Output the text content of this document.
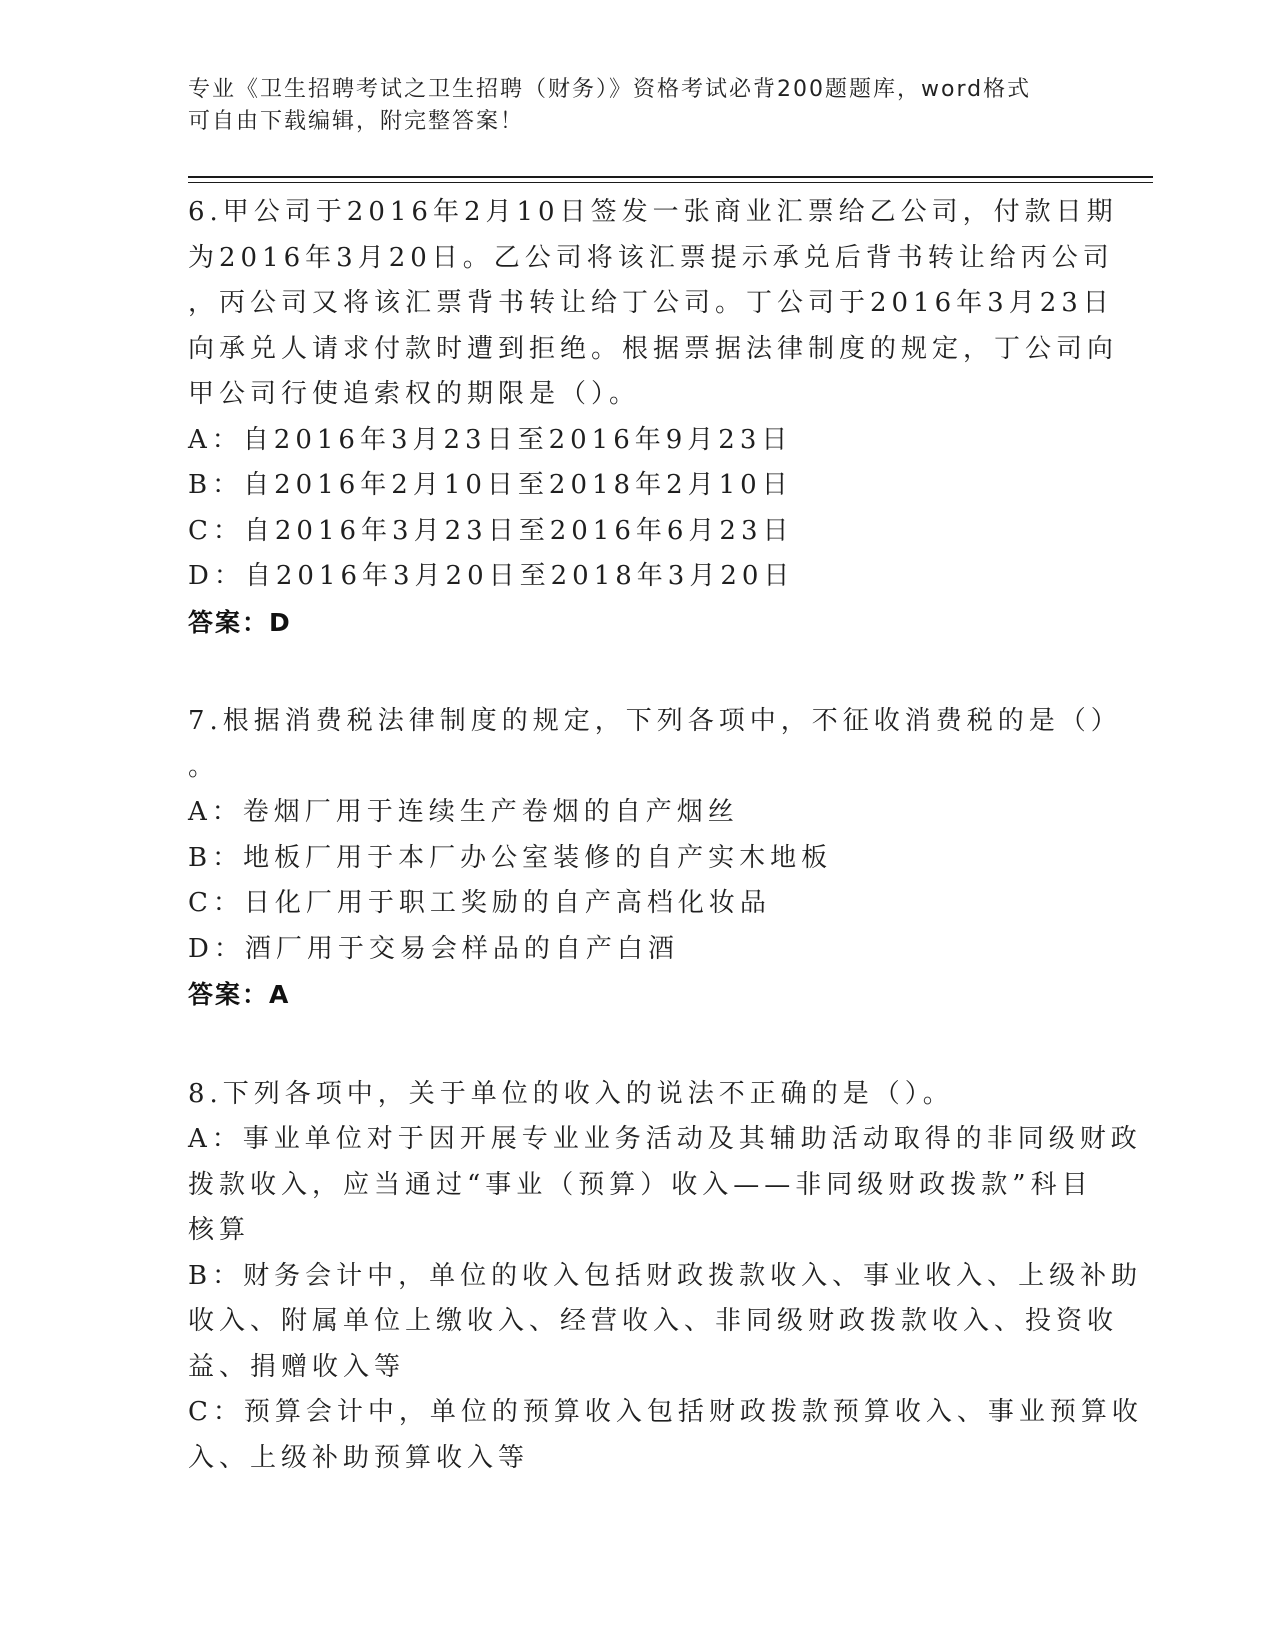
专业《卫生招聘考试之卫生招聘（财务）》资格考试必背200题题库，word格式

可自由下载编辑，附完整答案！

6.甲公司于2016年2月10日签发一张商业汇票给乙公司，付款日期

为2016年3月20日。乙公司将该汇票提示承兑后背书转让给丙公司

，丙公司又将该汇票背书转让给丁公司。丁公司于2016年3月23日

向承兑人请求付款时遭到拒绝。根据票据法律制度的规定，丁公司向

甲公司行使追索权的期限是（）。

A：自2016年3月23日至2016年9月23日

B：自2016年2月10日至2018年2月10日

C：自2016年3月23日至2016年6月23日

D：自2016年3月20日至2018年3月20日

答案：D

7.根据消费税法律制度的规定，下列各项中，不征收消费税的是（）

。

A：卷烟厂用于连续生产卷烟的自产烟丝

B：地板厂用于本厂办公室装修的自产实木地板

C：日化厂用于职工奖励的自产高档化妆品

D：酒厂用于交易会样品的自产白酒

答案：A

8.下列各项中，关于单位的收入的说法不正确的是（）。

A：事业单位对于因开展专业业务活动及其辅助活动取得的非同级财政

拨款收入，应当通过“事业（预算）收入——非同级财政拨款”科目

核算

B：财务会计中，单位的收入包括财政拨款收入、事业收入、上级补助

收入、附属单位上缴收入、经营收入、非同级财政拨款收入、投资收

益、捐赠收入等

C：预算会计中，单位的预算收入包括财政拨款预算收入、事业预算收

入、上级补助预算收入等
